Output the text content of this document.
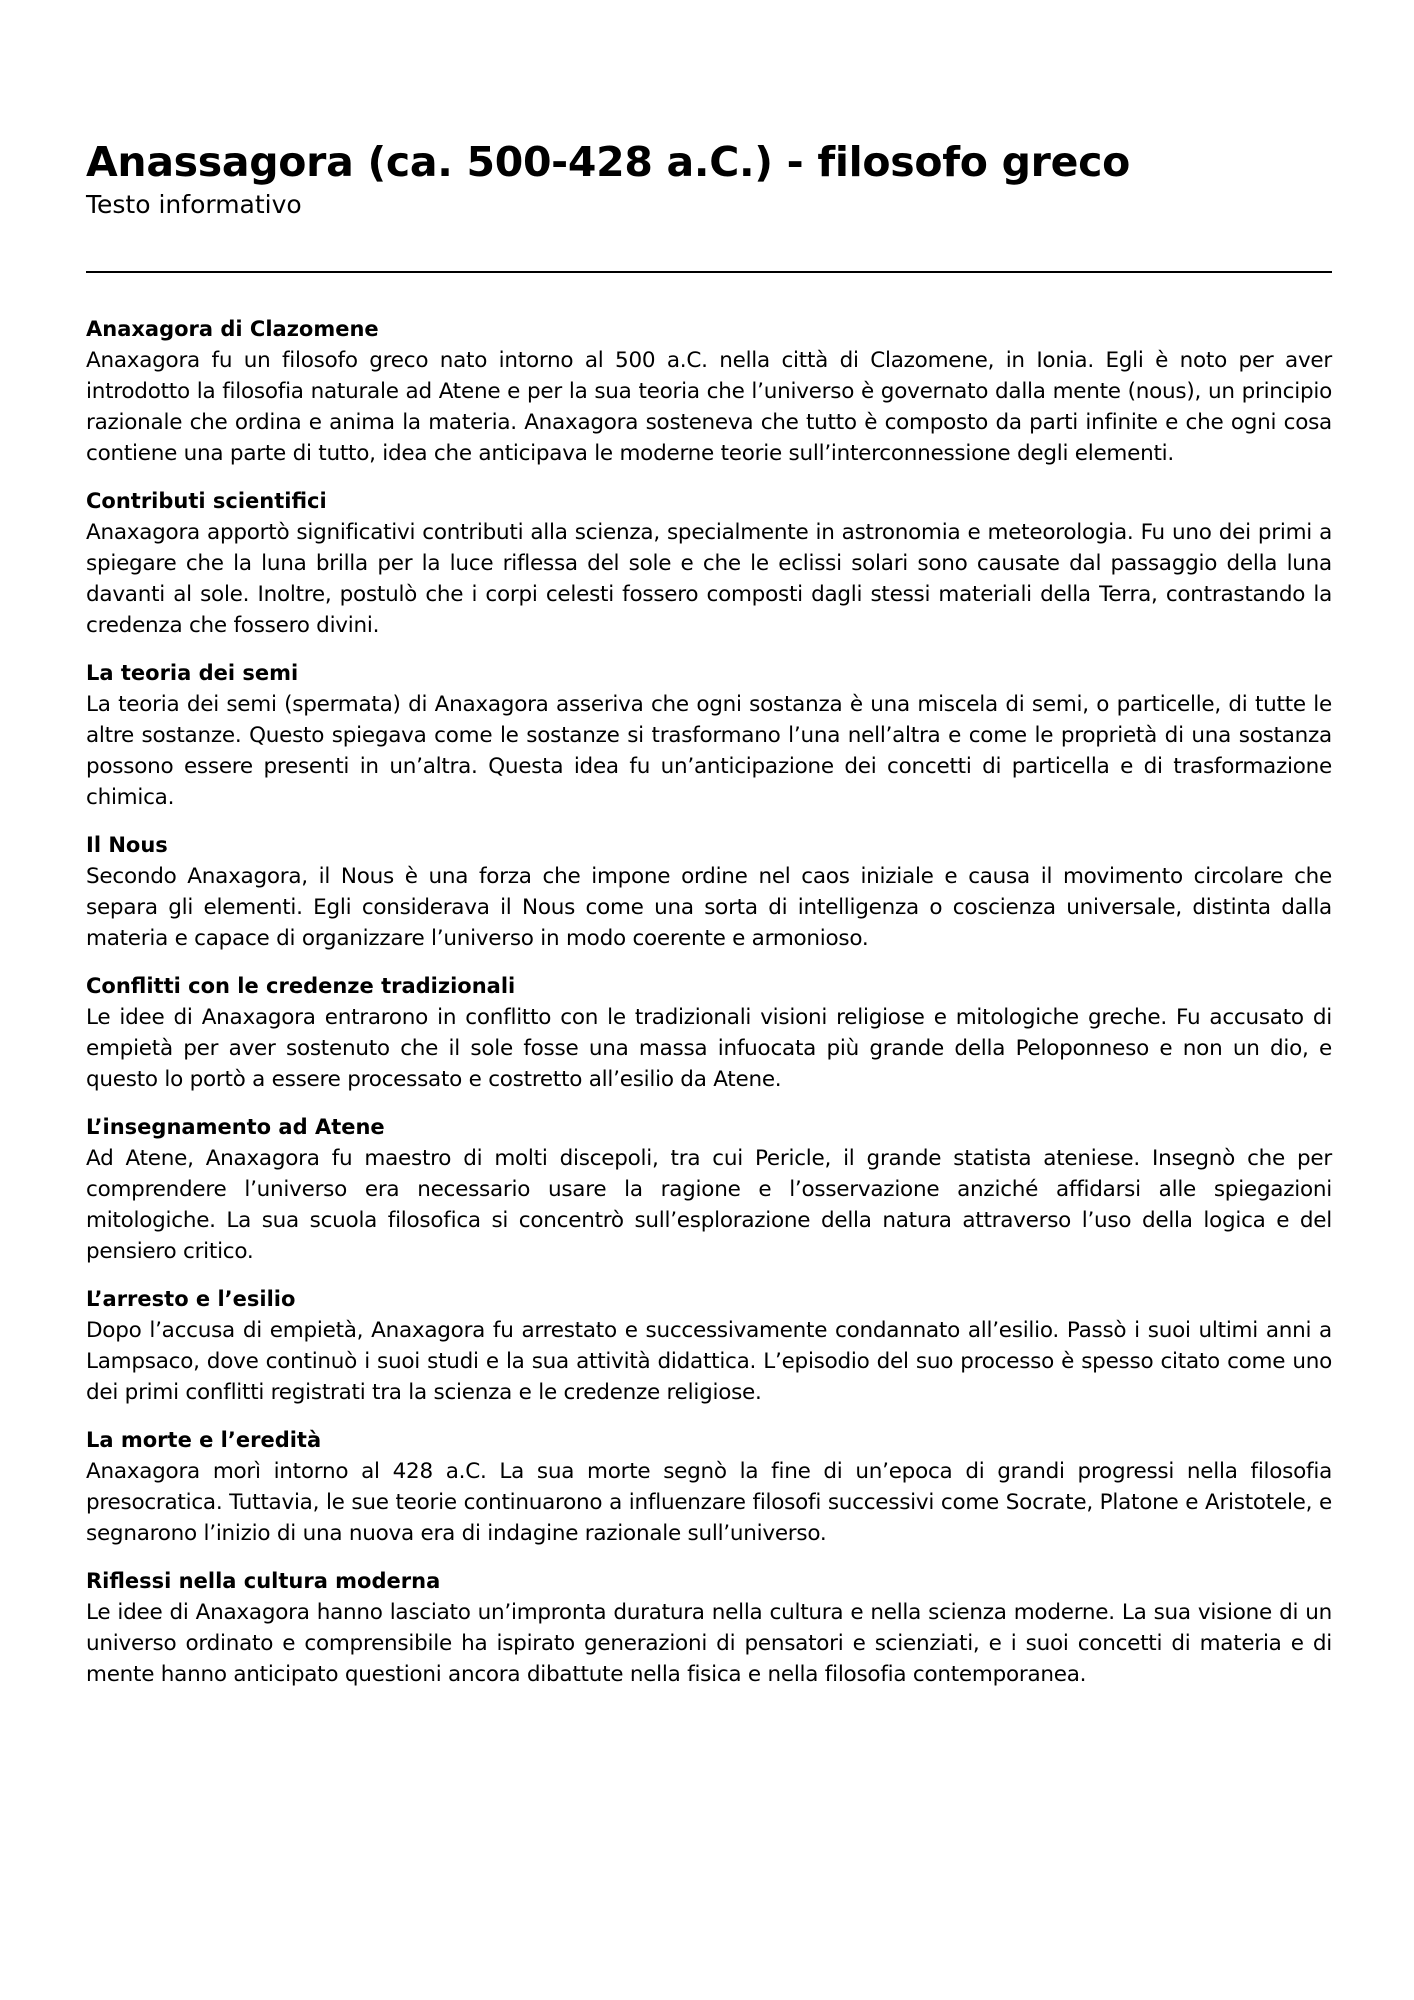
Anassagora (ca. 500-428 a.C.) - filosofo greco

Testo informativo

Anaxagora di Clazomene

Anaxagora fu un filosofo greco nato intorno al 500 a.C. nella città di Clazomene, in Ionia. Egli è noto per aver introdotto la filosofia naturale ad Atene e per la sua teoria che l’universo è governato dalla mente (nous), un principio razionale che ordina e anima la materia. Anaxagora sosteneva che tutto è composto da parti infinite e che ogni cosa contiene una parte di tutto, idea che anticipava le moderne teorie sull’interconnessione degli elementi.

Contributi scientifici

Anaxagora apportò significativi contributi alla scienza, specialmente in astronomia e meteorologia. Fu uno dei primi a spiegare che la luna brilla per la luce riflessa del sole e che le eclissi solari sono causate dal passaggio della luna davanti al sole. Inoltre, postulò che i corpi celesti fossero composti dagli stessi materiali della Terra, contrastando la credenza che fossero divini.

La teoria dei semi

La teoria dei semi (spermata) di Anaxagora asseriva che ogni sostanza è una miscela di semi, o particelle, di tutte le altre sostanze. Questo spiegava come le sostanze si trasformano l’una nell’altra e come le proprietà di una sostanza possono essere presenti in un’altra. Questa idea fu un’anticipazione dei concetti di particella e di trasformazione chimica.

Il Nous

Secondo Anaxagora, il Nous è una forza che impone ordine nel caos iniziale e causa il movimento circolare che separa gli elementi. Egli considerava il Nous come una sorta di intelligenza o coscienza universale, distinta dalla materia e capace di organizzare l’universo in modo coerente e armonioso.

Conflitti con le credenze tradizionali

Le idee di Anaxagora entrarono in conflitto con le tradizionali visioni religiose e mitologiche greche. Fu accusato di empietà per aver sostenuto che il sole fosse una massa infuocata più grande della Peloponneso e non un dio, e questo lo portò a essere processato e costretto all’esilio da Atene.

L’insegnamento ad Atene

Ad Atene, Anaxagora fu maestro di molti discepoli, tra cui Pericle, il grande statista ateniese. Insegnò che per comprendere l’universo era necessario usare la ragione e l’osservazione anziché affidarsi alle spiegazioni mitologiche. La sua scuola filosofica si concentrò sull’esplorazione della natura attraverso l’uso della logica e del pensiero critico.

L’arresto e l’esilio

Dopo l’accusa di empietà, Anaxagora fu arrestato e successivamente condannato all’esilio. Passò i suoi ultimi anni a Lampsaco, dove continuò i suoi studi e la sua attività didattica. L’episodio del suo processo è spesso citato come uno dei primi conflitti registrati tra la scienza e le credenze religiose.

La morte e l’eredità

Anaxagora morì intorno al 428 a.C. La sua morte segnò la fine di un’epoca di grandi progressi nella filosofia presocratica. Tuttavia, le sue teorie continuarono a influenzare filosofi successivi come Socrate, Platone e Aristotele, e segnarono l’inizio di una nuova era di indagine razionale sull’universo.

Riflessi nella cultura moderna

Le idee di Anaxagora hanno lasciato un’impronta duratura nella cultura e nella scienza moderne. La sua visione di un universo ordinato e comprensibile ha ispirato generazioni di pensatori e scienziati, e i suoi concetti di materia e di mente hanno anticipato questioni ancora dibattute nella fisica e nella filosofia contemporanea.
